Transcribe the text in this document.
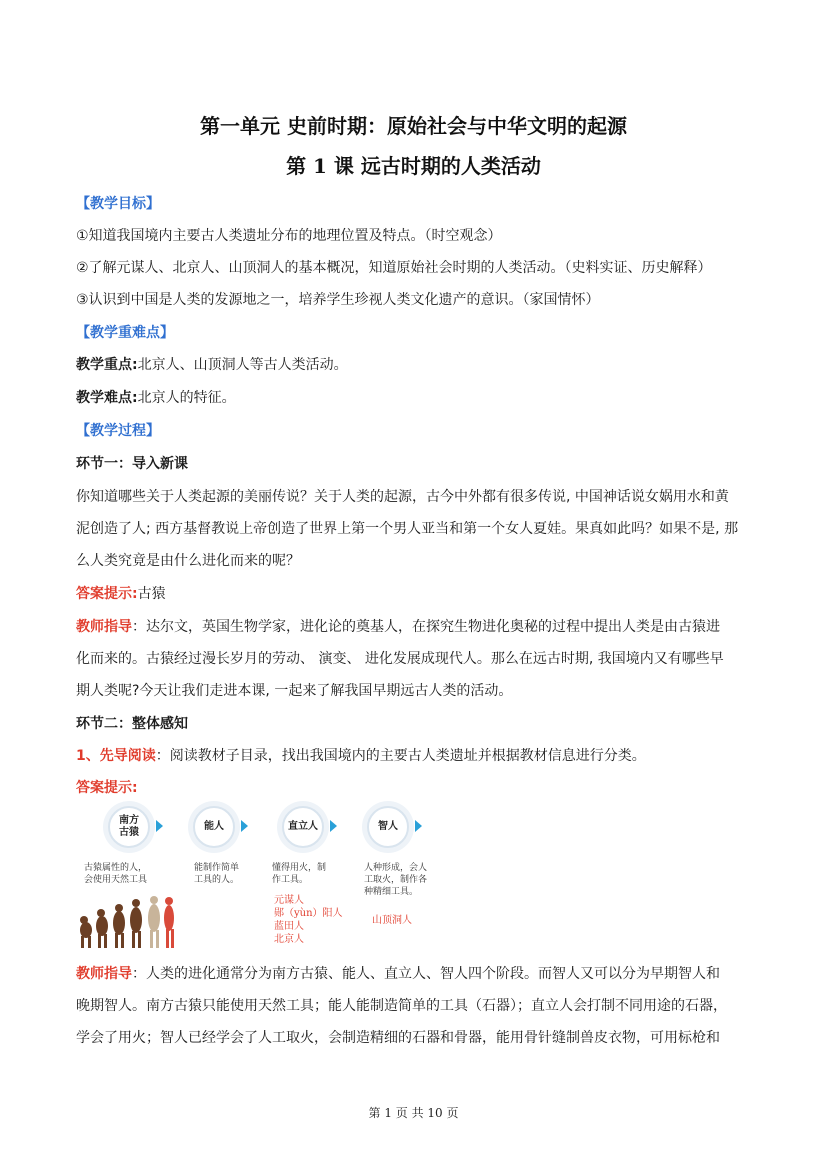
第一单元 史前时期：原始社会与中华文明的起源
第 1 课 远古时期的人类活动
【教学目标】
①知道我国境内主要古人类遗址分布的地理位置及特点。（时空观念）
②了解元谋人、北京人、山顶洞人的基本概况，知道原始社会时期的人类活动。（史料实证、历史解释）
③认识到中国是人类的发源地之一，培养学生珍视人类文化遗产的意识。（家国情怀）
【教学重难点】
教学重点:北京人、山顶洞人等古人类活动。
教学难点:北京人的特征。
【教学过程】
环节一：导入新课
你知道哪些关于人类起源的美丽传说？关于人类的起源，古今中外都有很多传说, 中国神话说女娲用水和黄
泥创造了人; 西方基督教说上帝创造了世界上第一个男人亚当和第一个女人夏娃。果真如此吗？如果不是, 那
么人类究竟是由什么进化而来的呢？
答案提示:古猿
教师指导：达尔文，英国生物学家，进化论的奠基人，在探究生物进化奥秘的过程中提出人类是由古猿进
化而来的。古猿经过漫长岁月的劳动、 演变、 进化发展成现代人。那么在远古时期, 我国境内又有哪些早
期人类呢?今天让我们走进本课, 一起来了解我国早期远古人类的活动。
环节二：整体感知
1、先导阅读：阅读教材子目录，找出我国境内的主要古人类遗址并根据教材信息进行分类。
答案提示:
南方
古猿
能人	直立人	智人
古猿属性的人，
会使用天然工具
能制作简单
工具的人。
懂得用火，制
作工具。
人种形成，会人
工取火，制作各
种精细工具。
元谋人
郧（yùn）阳人
蓝田人
北京人
山顶洞人
教师指导：人类的进化通常分为南方古猿、能人、直立人、智人四个阶段。而智人又可以分为早期智人和
晚期智人。南方古猿只能使用天然工具；能人能制造简单的工具（石器）；直立人会打制不同用途的石器，
学会了用火；智人已经学会了人工取火，会制造精细的石器和骨器，能用骨针缝制兽皮衣物，可用标枪和
第 1 页 共 10 页
